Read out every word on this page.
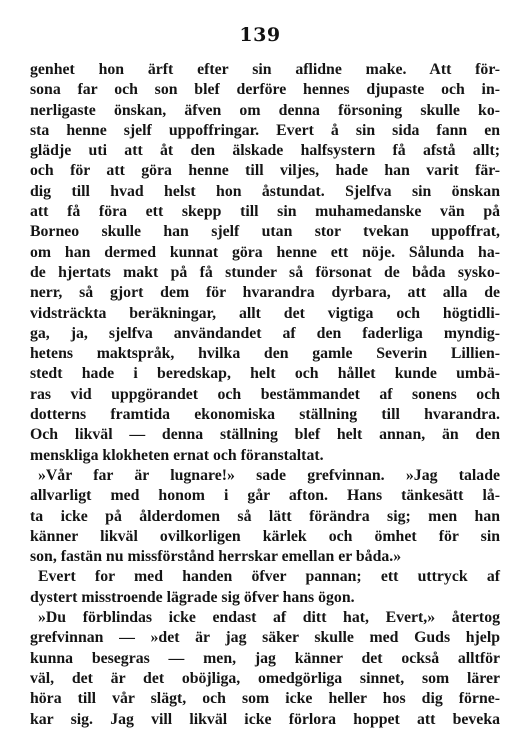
139
genhet hon ärft efter sin aflidne make. Att för-
sona far och son blef derföre hennes djupaste och in-
nerligaste önskan, äfven om denna försoning skulle ko-
sta henne sjelf uppoffringar. Evert å sin sida fann en
glädje uti att åt den älskade halfsystern få afstå allt;
och för att göra henne till viljes, hade han varit fär-
dig till hvad helst hon åstundat. Sjelfva sin önskan
att få föra ett skepp till sin muhamedanske vän på
Borneo skulle han sjelf utan stor tvekan uppoffrat,
om han dermed kunnat göra henne ett nöje. Sålunda ha-
de hjertats makt på få stunder så försonat de båda sysko-
nerr, så gjort dem för hvarandra dyrbara, att alla de
vidsträckta beräkningar, allt det vigtiga och högtidli-
ga, ja, sjelfva användandet af den faderliga myndig-
hetens maktspråk, hvilka den gamle Severin Lillien-
stedt hade i beredskap, helt och hållet kunde umbä-
ras vid uppgörandet och bestämmandet af sonens och
dotterns framtida ekonomiska ställning till hvarandra.
Och likväl — denna ställning blef helt annan, än den
menskliga klokheten ernat och föranstaltat.
»Vår far är lugnare!» sade grefvinnan. »Jag talade
allvarligt med honom i går afton. Hans tänkesätt lå-
ta icke på ålderdomen så lätt förändra sig; men han
känner likväl ovilkorligen kärlek och ömhet för sin
son, fastän nu missförstånd herrskar emellan er båda.»
Evert for med handen öfver pannan; ett uttryck af
dystert misstroende lägrade sig öfver hans ögon.
»Du förblindas icke endast af ditt hat, Evert,» återtog
grefvinnan — »det är jag säker skulle med Guds hjelp
kunna besegras — men, jag känner det också alltför
väl, det är det oböjliga, omedgörliga sinnet, som lärer
höra till vår slägt, och som icke heller hos dig förne-
kar sig. Jag vill likväl icke förlora hoppet att beveka
